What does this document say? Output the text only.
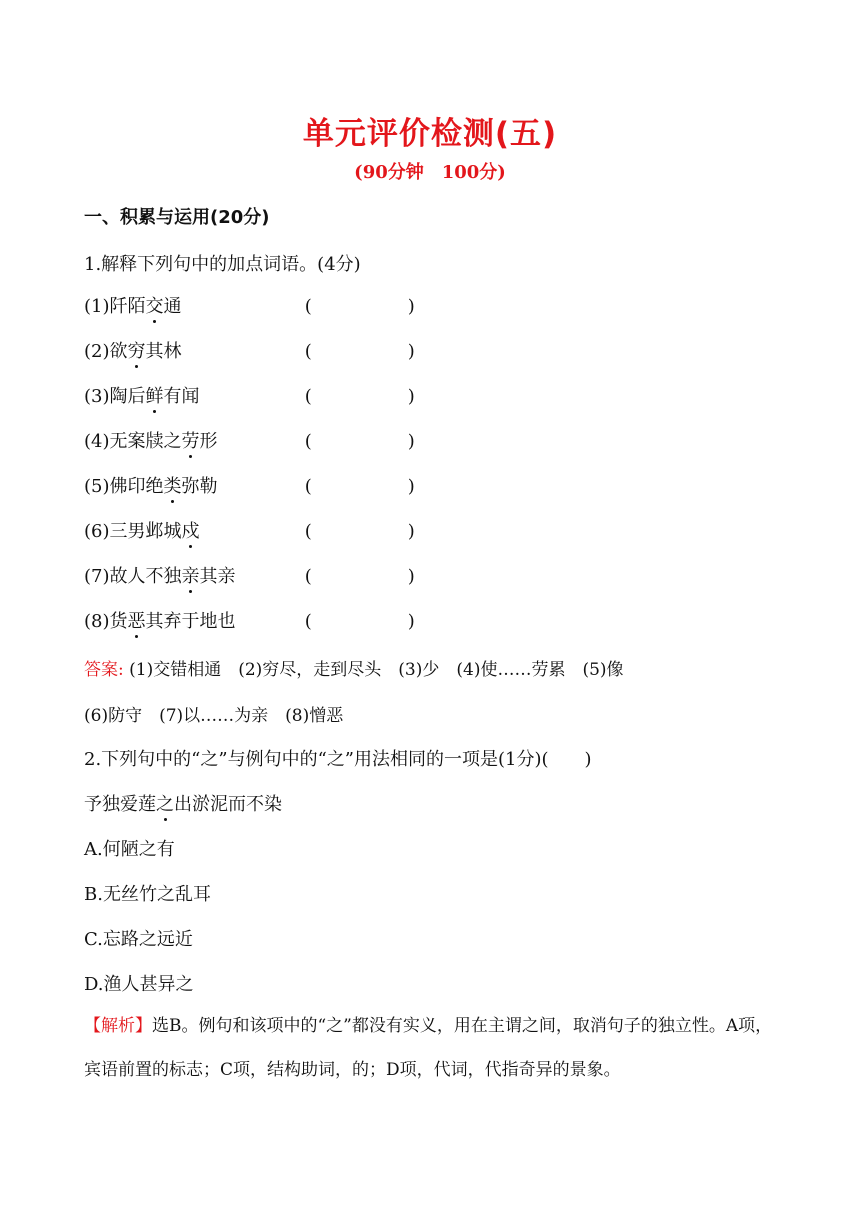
单元评价检测(五)
(90分钟　100分)
一、积累与运用(20分)
1.解释下列句中的加点词语。(4分)
(1)阡陌交通	(	)
(2)欲穷其林	(	)
(3)陶后鲜有闻	(	)
(4)无案牍之劳形	(	)
(5)佛印绝类弥勒	(	)
(6)三男邺城戍	(	)
(7)故人不独亲其亲	(	)
(8)货恶其弃于地也	(	)
答案: (1)交错相通　(2)穷尽，走到尽头　(3)少　(4)使……劳累　(5)像
(6)防守　(7)以……为亲　(8)憎恶
2.下列句中的“之”与例句中的“之”用法相同的一项是(1分)(　　)
予独爱莲之出淤泥而不染
A.何陋之有
B.无丝竹之乱耳
C.忘路之远近
D.渔人甚异之
【解析】选B。例句和该项中的“之”都没有实义，用在主谓之间，取消句子的独立性。A项，宾语前置的标志；C项，结构助词，的；D项，代词，代指奇异的景象。
